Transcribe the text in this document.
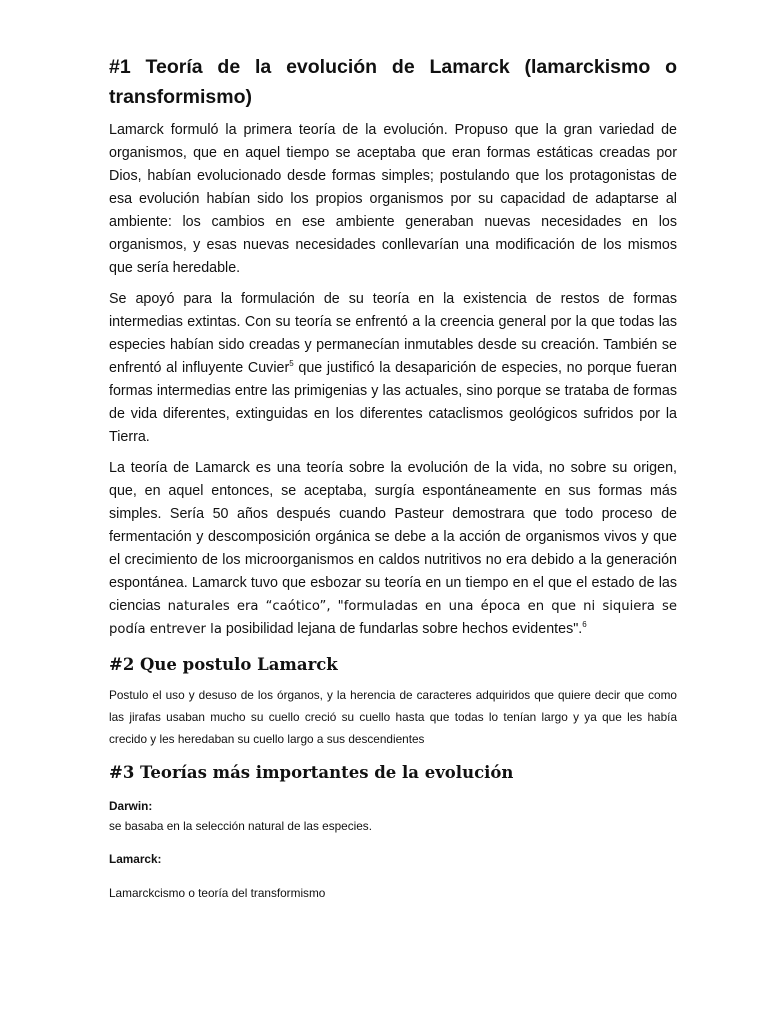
#1 Teoría de la evolución de Lamarck (lamarckismo o transformismo)

Lamarck formuló la primera teoría de la evolución. Propuso que la gran variedad de organismos, que en aquel tiempo se aceptaba que eran formas estáticas creadas por Dios, habían evolucionado desde formas simples; postulando que los protagonistas de esa evolución habían sido los propios organismos por su capacidad de adaptarse al ambiente: los cambios en ese ambiente generaban nuevas necesidades en los organismos, y esas nuevas necesidades conllevarían una modificación de los mismos que sería heredable.

Se apoyó para la formulación de su teoría en la existencia de restos de formas intermedias extintas. Con su teoría se enfrentó a la creencia general por la que todas las especies habían sido creadas y permanecían inmutables desde su creación. También se enfrentó al influyente Cuvier$^5$ que justificó la desaparición de especies, no porque fueran formas intermedias entre las primigenias y las actuales, sino porque se trataba de formas de vida diferentes, extinguidas en los diferentes cataclismos geológicos sufridos por la Tierra.

La teoría de Lamarck es una teoría sobre la evolución de la vida, no sobre su origen, que, en aquel entonces, se aceptaba, surgía espontáneamente en sus formas más simples. Sería 50 años después cuando Pasteur demostrara que todo proceso de fermentación y descomposición orgánica se debe a la acción de organismos vivos y que el crecimiento de los microorganismos en caldos nutritivos no era debido a la generación espontánea. Lamarck tuvo que esbozar su teoría en un tiempo en el que el estado de las ciencias naturales era “caótico”, "formuladas en una época en que ni siquiera se podía entrever la posibilidad lejana de fundarlas sobre hechos evidentes".$^6$

#2 Que postulo Lamarck

Postulo el uso y desuso de los órganos, y la herencia de caracteres adquiridos que quiere decir que como las jirafas usaban mucho su cuello creció su cuello hasta que todas lo tenían largo y ya que les había crecido y les heredaban su cuello largo a sus descendientes

#3 Teorías más importantes de la evolución

Darwin:

se basaba en la selección natural de las especies.

Lamarck:

Lamarckcismo o teoría del transformismo
